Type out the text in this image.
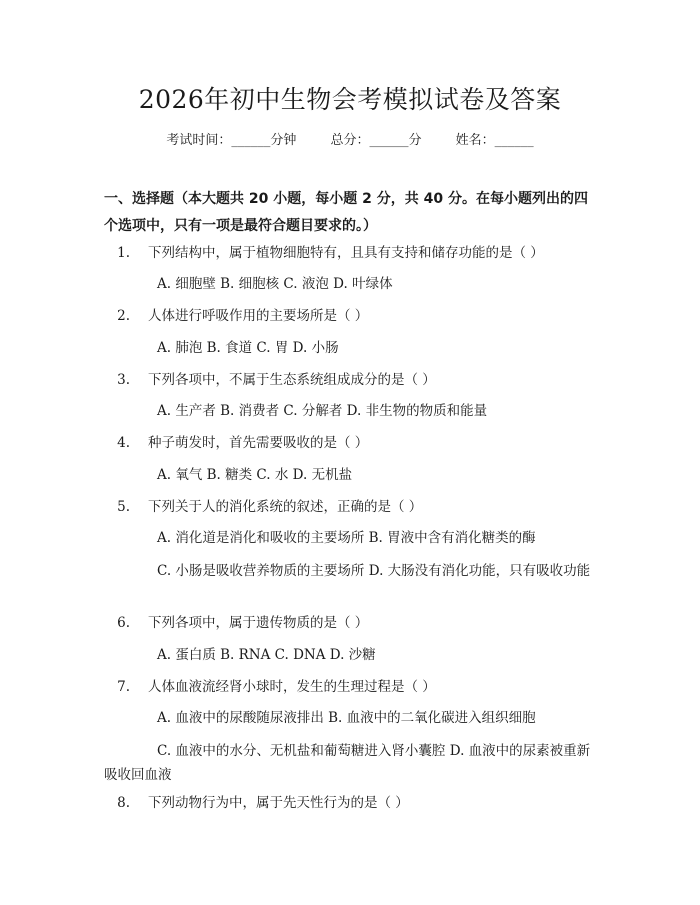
2026年初中生物会考模拟试卷及答案
考试时间：______分钟	总分：______分	姓名：______
一、选择题（本大题共 20 小题，每小题 2 分，共 40 分。在每小题列出的四个选项中，只有一项是最符合题目要求的。）
1. 下列结构中，属于植物细胞特有，且具有支持和储存功能的是（ ）
A. 细胞壁 B. 细胞核 C. 液泡 D. 叶绿体
2. 人体进行呼吸作用的主要场所是（ ）
A. 肺泡 B. 食道 C. 胃 D. 小肠
3. 下列各项中，不属于生态系统组成成分的是（ ）
A. 生产者 B. 消费者 C. 分解者 D. 非生物的物质和能量
4. 种子萌发时，首先需要吸收的是（ ）
A. 氧气 B. 糖类 C. 水 D. 无机盐
5. 下列关于人的消化系统的叙述，正确的是（ ）
A. 消化道是消化和吸收的主要场所 B. 胃液中含有消化糖类的酶
C. 小肠是吸收营养物质的主要场所 D. 大肠没有消化功能，只有吸收功能
6. 下列各项中，属于遗传物质的是（ ）
A. 蛋白质 B. RNA C. DNA D. 沙糖
7. 人体血液流经肾小球时，发生的生理过程是（ ）
A. 血液中的尿酸随尿液排出 B. 血液中的二氧化碳进入组织细胞
C. 血液中的水分、无机盐和葡萄糖进入肾小囊腔 D. 血液中的尿素被重新吸收回血液
8. 下列动物行为中，属于先天性行为的是（ ）
